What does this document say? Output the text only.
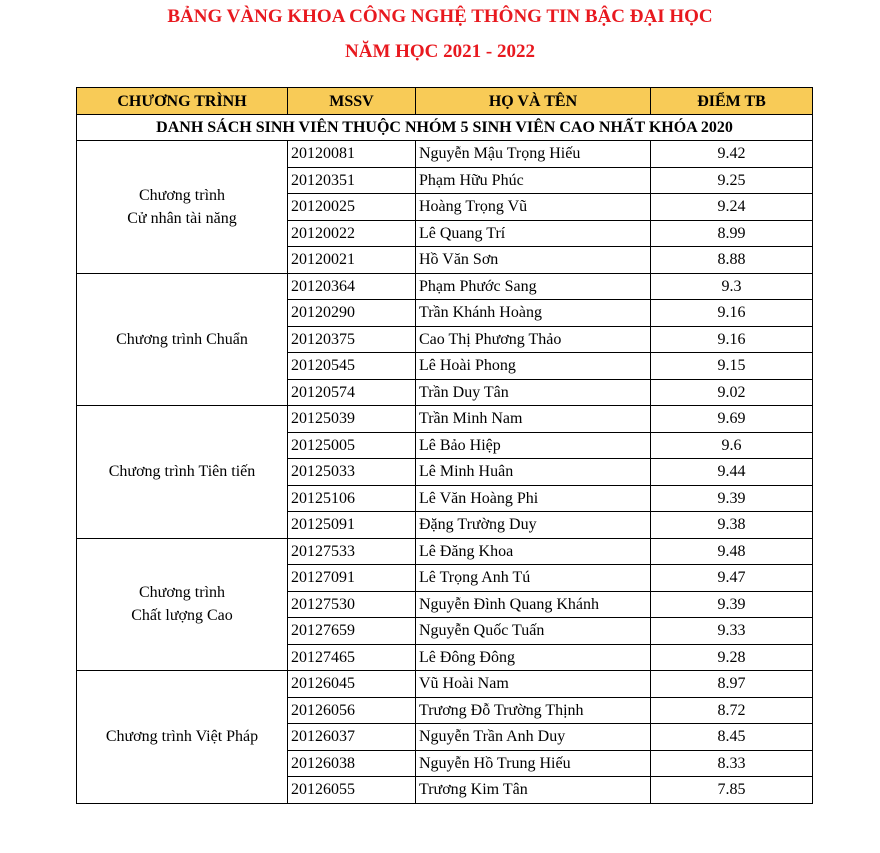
BẢNG VÀNG KHOA CÔNG NGHỆ THÔNG TIN BẬC ĐẠI HỌC
NĂM HỌC 2021 - 2022
CHƯƠNG TRÌNH	MSSV	HỌ VÀ TÊN	ĐIỂM TB
DANH SÁCH SINH VIÊN THUỘC NHÓM 5 SINH VIÊN CAO NHẤT KHÓA 2020			

Chương trình
Cử nhân tài năng	20120081	Nguyễn Mậu Trọng Hiếu	9.42
	20120351	Phạm Hữu Phúc	9.25
	20120025	Hoàng Trọng Vũ	9.24
	20120022	Lê Quang Trí	8.99
	20120021	Hồ Văn Sơn	8.88

Chương trình Chuẩn	20120364	Phạm Phước Sang	9.3
	20120290	Trần Khánh Hoàng	9.16
	20120375	Cao Thị Phương Thảo	9.16
	20120545	Lê Hoài Phong	9.15
	20120574	Trần Duy Tân	9.02

Chương trình Tiên tiến	20125039	Trần Minh Nam	9.69
	20125005	Lê Bảo Hiệp	9.6
	20125033	Lê Minh Huân	9.44
	20125106	Lê Văn Hoàng Phi	9.39
	20125091	Đặng Trường Duy	9.38

Chương trình
Chất lượng Cao	20127533	Lê Đăng Khoa	9.48
	20127091	Lê Trọng Anh Tú	9.47
	20127530	Nguyễn Đình Quang Khánh	9.39
	20127659	Nguyễn Quốc Tuấn	9.33
	20127465	Lê Đông Đông	9.28

Chương trình Việt Pháp	20126045	Vũ Hoài Nam	8.97
	20126056	Trương Đỗ Trường Thịnh	8.72
	20126037	Nguyễn Trần Anh Duy	8.45
	20126038	Nguyễn Hồ Trung Hiếu	8.33
	20126055	Trương Kim Tân	7.85
